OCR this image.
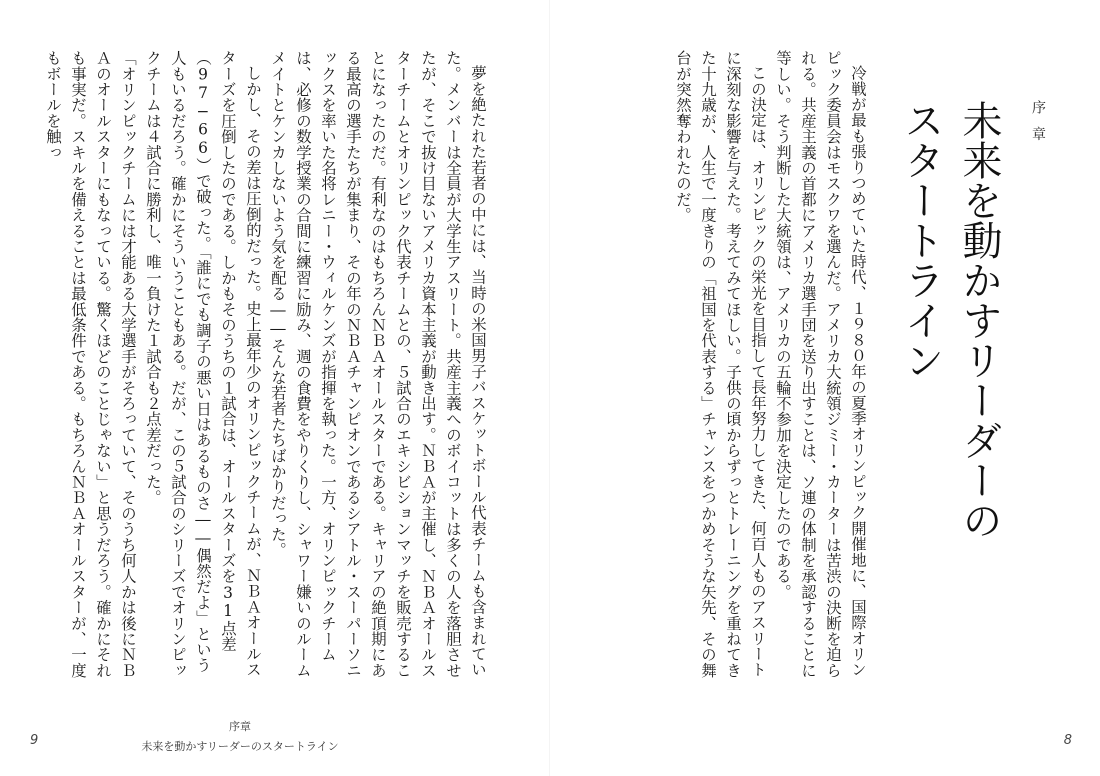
夢を絶たれた若者の中には、当時の米国男子バスケットボール代表チームも含まれていた。メンバーは全員が大学生アスリート。共産主義へのボイコットは多くの人を落胆させたが、そこで抜け目ないアメリカ資本主義が動き出す。ＮＢＡが主催し、ＮＢＡオールスターチームとオリンピック代表チームとの、５試合のエキシビションマッチを販売することになったのだ。有利なのはもちろんＮＢＡオールスターである。キャリアの絶頂期にある最高の選手たちが集まり、その年のＮＢＡチャンピオンであるシアトル・スーパーソニックスを率いた名将レニー・ウィルケンズが指揮を執った。一方、オリンピックチームは、必修の数学授業の合間に練習に励み、週の食費をやりくりし、シャワー嫌いのルームメイトとケンカしないよう気を配る――そんな若者たちばかりだった。

しかし、その差は圧倒的だった。史上最年少のオリンピックチームが、ＮＢＡオールスターズを圧倒したのである。しかもそのうちの１試合は、オールスターズを31点差（97−66）で破った。「誰にでも調子の悪い日はあるものさ――偶然だよ」という人もいるだろう。確かにそういうこともある。だが、この５試合のシリーズでオリンピックチームは４試合に勝利し、唯一負けた１試合も２点差だった。

「オリンピックチームには才能ある大学選手がそろっていて、そのうち何人かは後にＮＢＡのオールスターにもなっている。驚くほどのことじゃない」と思うだろう。確かにそれも事実だ。スキルを備えることは最低条件である。もちろんＮＢＡオールスターが、一度もボールを触っ

序章
未来を動かすリーダーのスタートライン
9
序 章
未来を動かすリーダーの
スタートライン

冷戦が最も張りつめていた時代、１９８０年の夏季オリンピック開催地に、国際オリンピック委員会はモスクワを選んだ。アメリカ大統領ジミー・カーターは苦渋の決断を迫られる。共産主義の首都にアメリカ選手団を送り出すことは、ソ連の体制を承認することに等しい。そう判断した大統領は、アメリカの五輪不参加を決定したのである。

この決定は、オリンピックの栄光を目指して長年努力してきた、何百人ものアスリートに深刻な影響を与えた。考えてみてほしい。子供の頃からずっとトレーニングを重ねてきた十九歳が、人生で一度きりの「祖国を代表する」チャンスをつかめそうな矢先、その舞台が突然奪われたのだ。

8
